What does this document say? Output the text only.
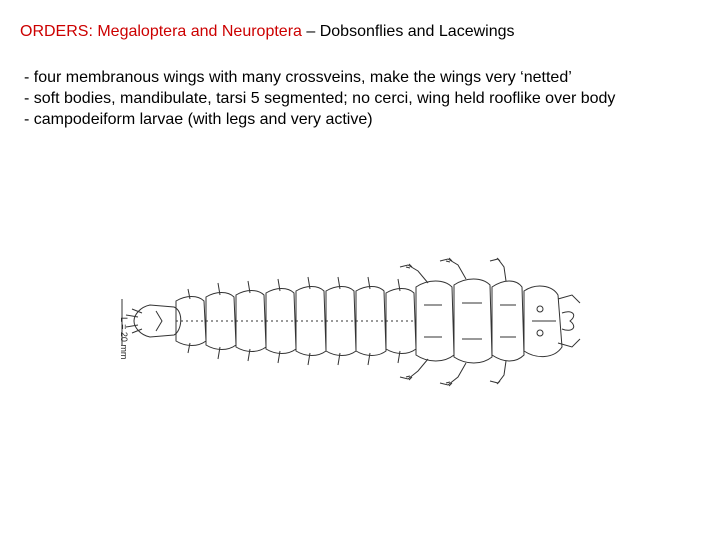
ORDERS: Megaloptera and Neuroptera – Dobsonflies and Lacewings
- four membranous wings with many crossveins, make the wings very ‘netted’
- soft bodies, mandibulate, tarsi 5 segmented; no cerci, wing held rooflike over body
- campodeiform larvae (with legs and very active)
L = 20 mm
